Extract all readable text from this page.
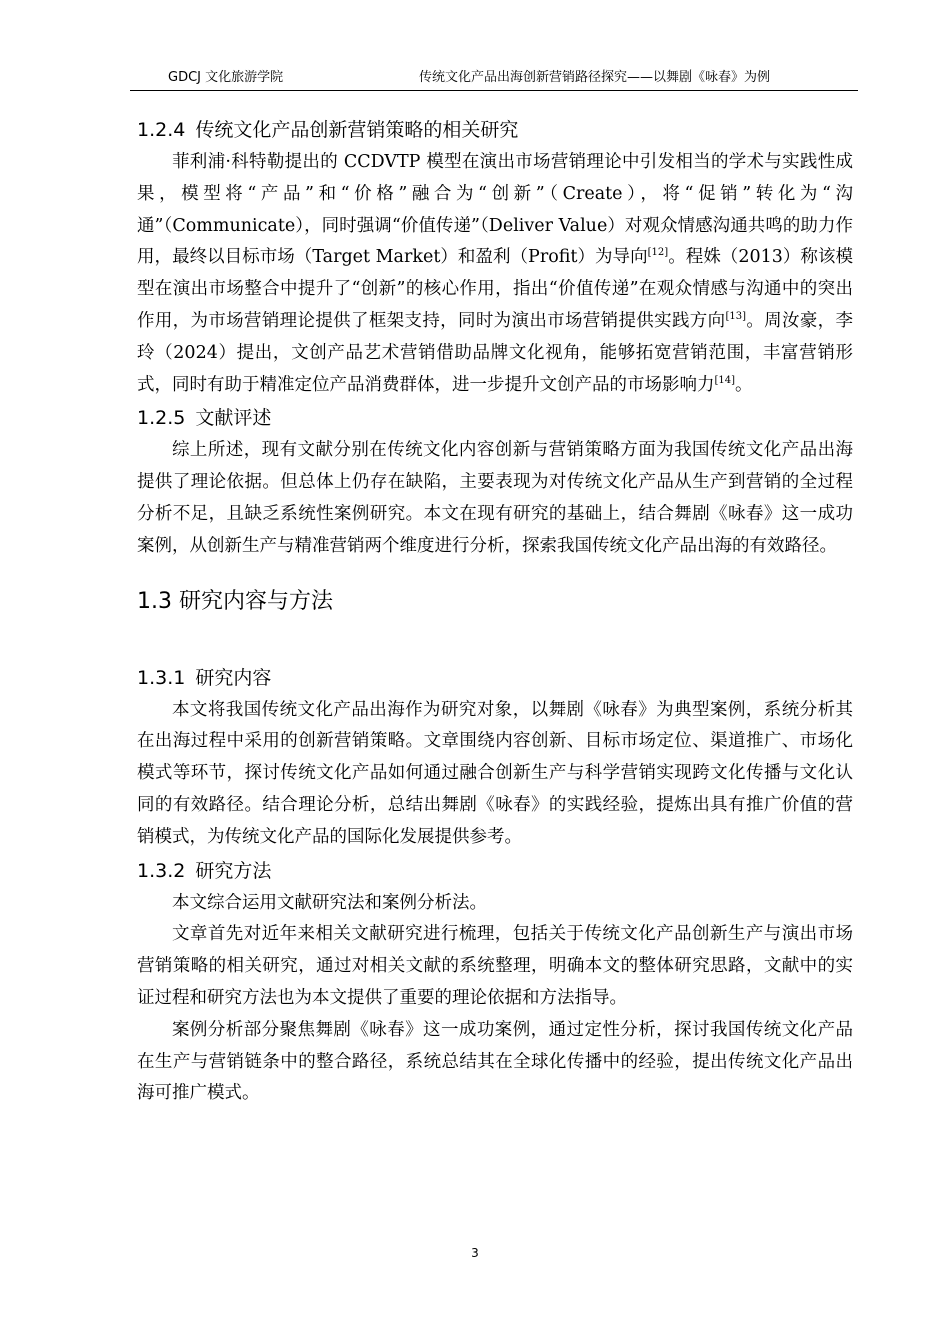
GDCJ 文化旅游学院	传统文化产品出海创新营销路径探究——以舞剧《咏春》为例
1.2.4 传统文化产品创新营销策略的相关研究

菲利浦·科特勒提出的 CCDVTP 模型在演出市场营销理论中引发相当的学术与实践性成果，模型将“产品”和“价格”融合为“创新”（Create），将“促销”转化为“沟通”（Communicate），同时强调“价值传递”（Deliver Value）对观众情感沟通共鸣的助力作用，最终以目标市场（Target Market）和盈利（Profit）为导向[12]。程姝（2013）称该模型在演出市场整合中提升了“创新”的核心作用，指出“价值传递”在观众情感与沟通中的突出作用，为市场营销理论提供了框架支持，同时为演出市场营销提供实践方向[13]。周汝豪，李玲（2024）提出，文创产品艺术营销借助品牌文化视角，能够拓宽营销范围，丰富营销形式，同时有助于精准定位产品消费群体，进一步提升文创产品的市场影响力[14]。

1.2.5 文献评述

综上所述，现有文献分别在传统文化内容创新与营销策略方面为我国传统文化产品出海提供了理论依据。但总体上仍存在缺陷，主要表现为对传统文化产品从生产到营销的全过程分析不足，且缺乏系统性案例研究。本文在现有研究的基础上，结合舞剧《咏春》这一成功案例，从创新生产与精准营销两个维度进行分析，探索我国传统文化产品出海的有效路径。

1.3 研究内容与方法
1.3.1 研究内容

本文将我国传统文化产品出海作为研究对象，以舞剧《咏春》为典型案例，系统分析其在出海过程中采用的创新营销策略。文章围绕内容创新、目标市场定位、渠道推广、市场化模式等环节，探讨传统文化产品如何通过融合创新生产与科学营销实现跨文化传播与文化认同的有效路径。结合理论分析，总结出舞剧《咏春》的实践经验，提炼出具有推广价值的营销模式，为传统文化产品的国际化发展提供参考。

1.3.2 研究方法

本文综合运用文献研究法和案例分析法。

文章首先对近年来相关文献研究进行梳理，包括关于传统文化产品创新生产与演出市场营销策略的相关研究，通过对相关文献的系统整理，明确本文的整体研究思路，文献中的实证过程和研究方法也为本文提供了重要的理论依据和方法指导。

案例分析部分聚焦舞剧《咏春》这一成功案例，通过定性分析，探讨我国传统文化产品在生产与营销链条中的整合路径，系统总结其在全球化传播中的经验，提出传统文化产品出海可推广模式。

3
